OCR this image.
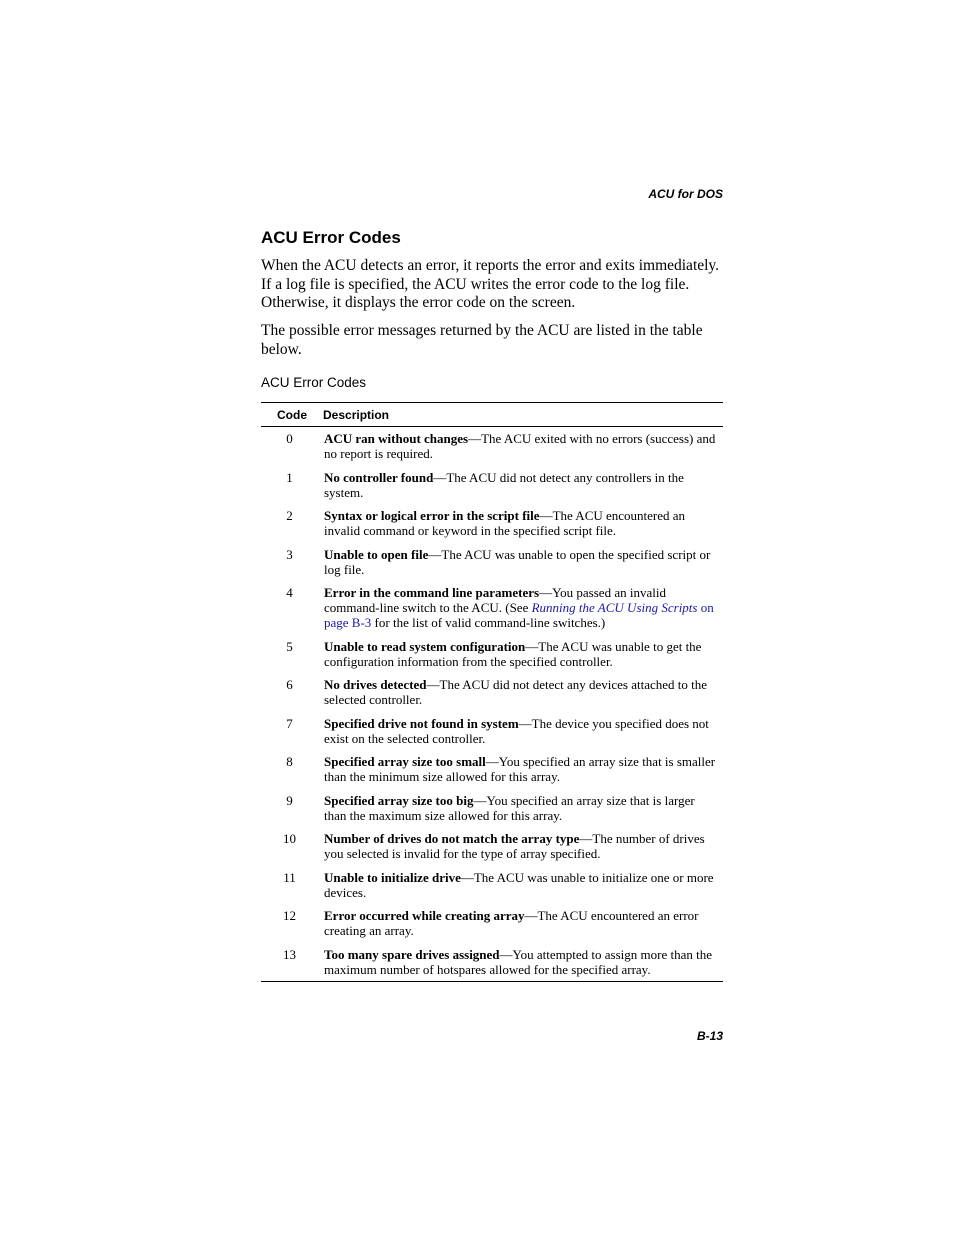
ACU for DOS
ACU Error Codes

When the ACU detects an error, it reports the error and exits immediately. If a log file is specified, the ACU writes the error code to the log file. Otherwise, it displays the error code on the screen.

The possible error messages returned by the ACU are listed in the table below.

ACU Error Codes
Code	Description
0	ACU ran without changes—The ACU exited with no errors (success) and no report is required.
1	No controller found—The ACU did not detect any controllers in the system.
2	Syntax or logical error in the script file—The ACU encountered an invalid command or keyword in the specified script file.
3	Unable to open file—The ACU was unable to open the specified script or log file.
4	Error in the command line parameters—You passed an invalid command-line switch to the ACU. (See Running the ACU Using Scripts on page B-3 for the list of valid command-line switches.)
5	Unable to read system configuration—The ACU was unable to get the configuration information from the specified controller.
6	No drives detected—The ACU did not detect any devices attached to the selected controller.
7	Specified drive not found in system—The device you specified does not exist on the selected controller.
8	Specified array size too small—You specified an array size that is smaller than the minimum size allowed for this array.
9	Specified array size too big—You specified an array size that is larger than the maximum size allowed for this array.
10	Number of drives do not match the array type—The number of drives you selected is invalid for the type of array specified.
11	Unable to initialize drive—The ACU was unable to initialize one or more devices.
12	Error occurred while creating array—The ACU encountered an error creating an array.
13	Too many spare drives assigned—You attempted to assign more than the maximum number of hotspares allowed for the specified array.
B-13
